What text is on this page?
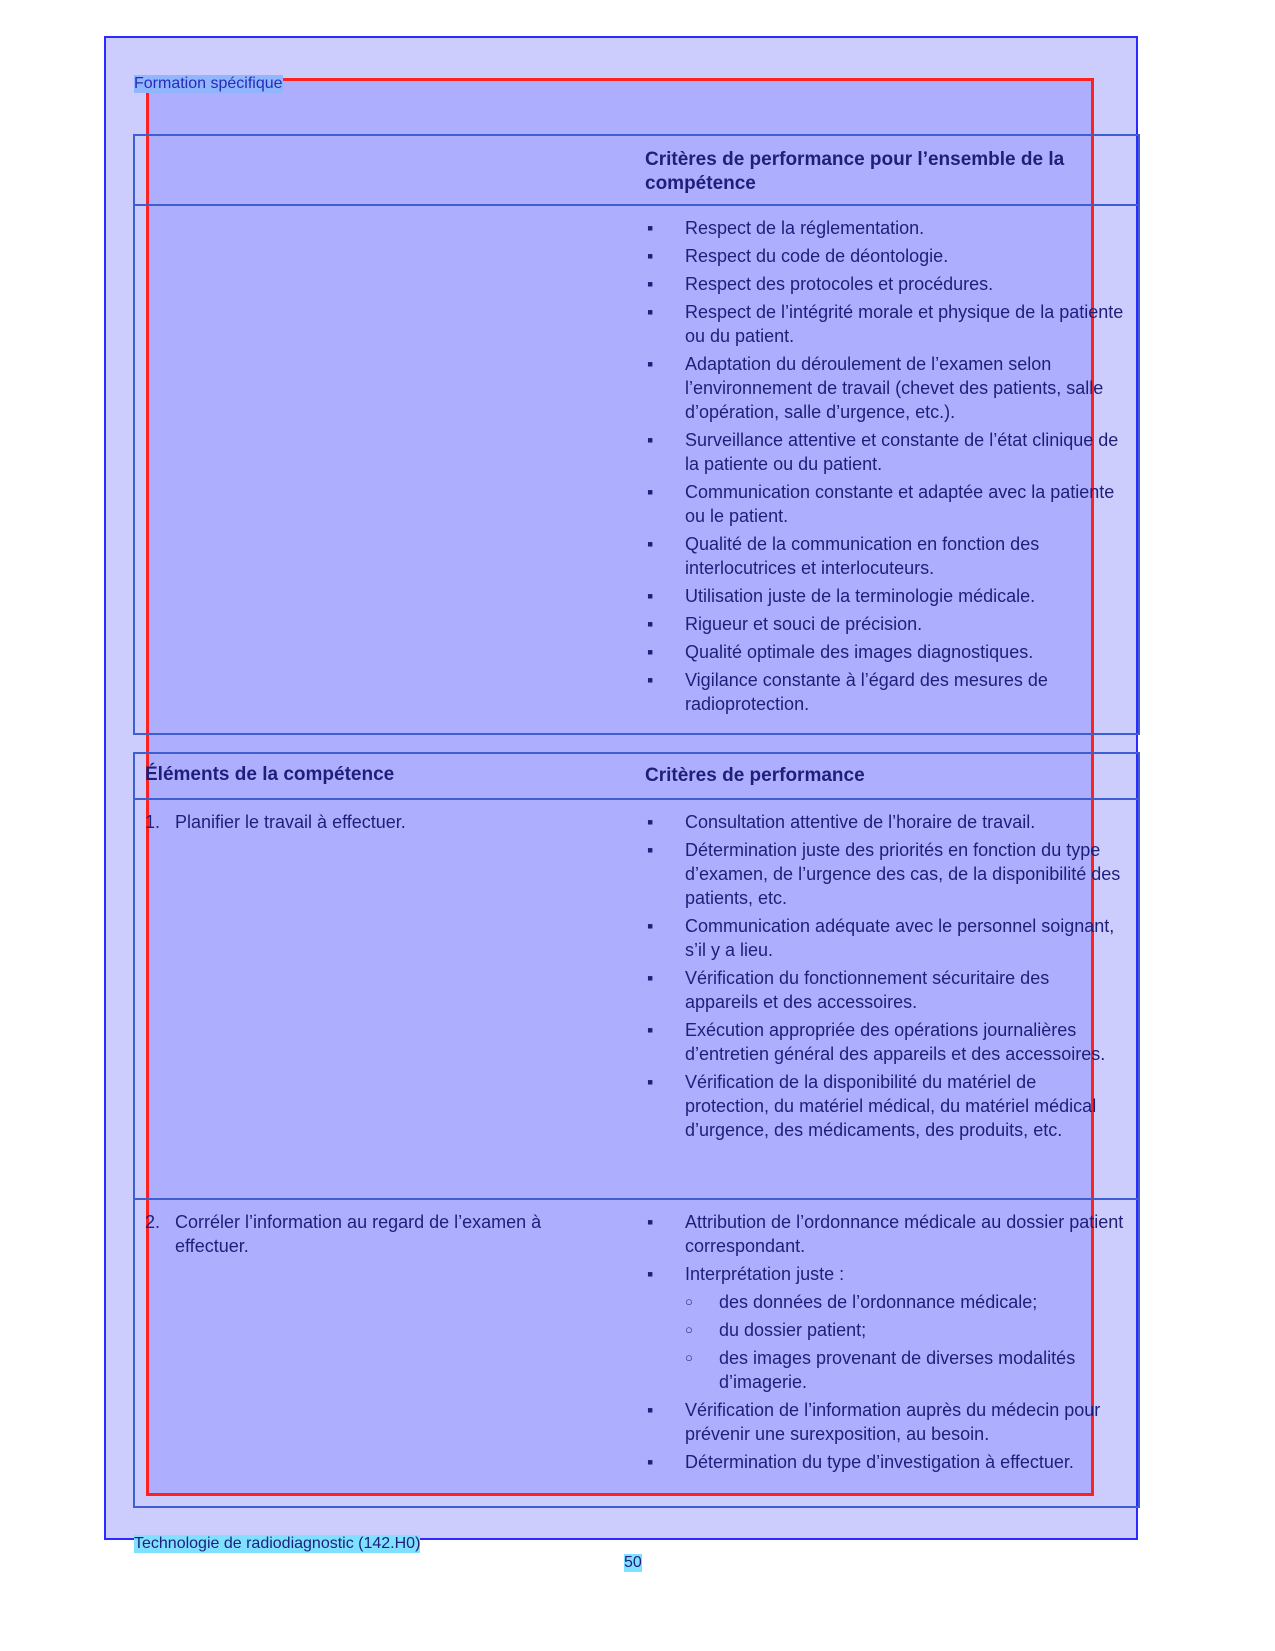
Formation spécifique
Critères de performance pour l’ensemble de la compétence
▪ Respect de la réglementation.
▪ Respect du code de déontologie.
▪ Respect des protocoles et procédures.
▪ Respect de l’intégrité morale et physique de la patiente ou du patient.
▪ Adaptation du déroulement de l’examen selon l’environnement de travail (chevet des patients, salle d’opération, salle d’urgence, etc.).
▪ Surveillance attentive et constante de l’état clinique de la patiente ou du patient.
▪ Communication constante et adaptée avec la patiente ou le patient.
▪ Qualité de la communication en fonction des interlocutrices et interlocuteurs.
▪ Utilisation juste de la terminologie médicale.
▪ Rigueur et souci de précision.
▪ Qualité optimale des images diagnostiques.
▪ Vigilance constante à l’égard des mesures de radioprotection.
Éléments de la compétence	Critères de performance
1. Planifier le travail à effectuer.
▪	Consultation attentive de l’horaire de travail.
▪ Détermination juste des priorités en fonction du type d’examen, de l’urgence des cas, de la disponibilité des patients, etc.
▪ Communication adéquate avec le personnel soignant, s’il y a lieu.
▪ Vérification du fonctionnement sécuritaire des appareils et des accessoires.
▪ Exécution appropriée des opérations journalières d’entretien général des appareils et des accessoires.
▪ Vérification de la disponibilité du matériel de protection, du matériel médical, du matériel médical d’urgence, des médicaments, des produits, etc.
2. Corréler l’information au regard de l’examen à effectuer.
▪ Attribution de l’ordonnance médicale au dossier patient correspondant.
▪ Interprétation juste :
○ des données de l’ordonnance médicale;
○ du dossier patient;
○ des images provenant de diverses modalités d’imagerie.
▪ Vérification de l’information auprès du médecin pour prévenir une surexposition, au besoin.
▪ Détermination du type d’investigation à effectuer.
Technologie de radiodiagnostic (142.H0)
50
